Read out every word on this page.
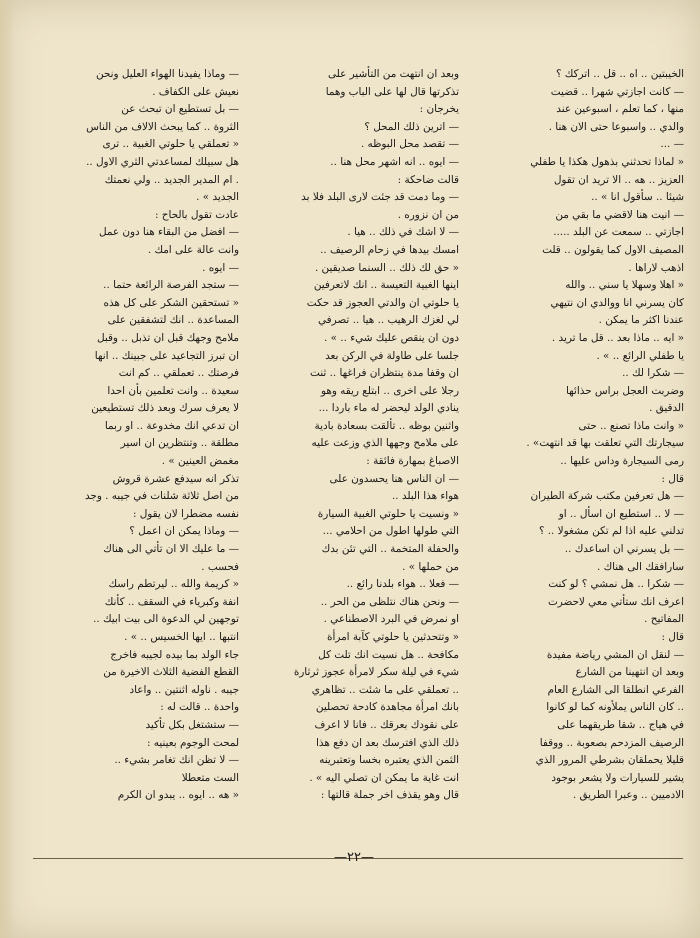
الخيبتين .. اه .. قل .. اتركك ؟

— كانت اجازتي شهرا .. قضيت

منها ، كما تعلم ، اسبوعين عند

والدي .. واسبوعا حتى الان هنا .

— ...

« لماذا تحدثني بذهول هكذا يا طفلي

العزيز .. هه .. الا تريد ان تقول

شيئا .. سأقول انا » ..

— انيت هنا لاقضي ما بقي من

اجازتي .. سمعت عن البلد .....

المصيف الاول كما يقولون .. قلت

اذهب لاراها .

« اهلا وسهلا يا سني .. والله

كان يسرني انا ووالدي ان نتيهي

عندنا اكثر ما يمكن .

« ايه .. ماذا بعد .. قل ما تريد .

يا طفلي الرائع .. » .

— شكرا لك ..

وضربت العجل براس حذائها

الدقيق .

« وانت ماذا تصنع .. حتى

سيجارتك التي تعلقت بها قد انتهت» .

رمى السيجارة وداس عليها ..

قال :

— هل تعرفين مكتب شركة الطيران

— لا .. استطيع ان اسأل .. او

تدلني عليه اذا لم تكن مشغولا .. ؟

— بل يسرني ان اساعدك ..

سارافقك الى هناك .

— شكرا .. هل نمشي ؟ لو كنت

اعرف انك ستأتي معي لاحضرت

المفاتيح .

قال :

— لنقل ان المشي رياضة مفيدة

وبعد ان انتهينا من الشارع

الفرعي انطلقا الى الشارع العام

.. كان الناس يملأونه كما لو كانوا

في هياج .. شقا طريقهما على

الرصيف المزدحم بصعوبة .. ووقفا

قليلا يحملقان بشرطي المرور الذي

يشير للسيارات ولا يشعر بوجود

الادميين .. وعبرا الطريق .

وبعد ان انتهت من التأشير على

تذكرتها قال لها على الباب وهما

يخرجان :

— اترين ذلك المحل ؟

— تقصد محل البوظه .

— ايوه .. انه اشهر محل هنا ..

قالت ضاحكة :

— وما دمت قد جئت لارى البلد فلا بد

من ان نزوره .

— لا اشك في ذلك .. هيا .

امسك بيدها في زحام الرصيف ..

« حق لك ذلك .. السنما صديقين .

اينها الغبية التعيسة .. انك لاتعرفين

يا حلوتي ان والدتي العجوز قد حكت

لي لغزك الرهيب .. هيا .. تصرفي

دون ان ينقص عليك شيء .. » .

جلسا على طاولة في الركن بعد

ان وقفا مدة ينتظران فراغها .. ثنت

رجلا على اخرى .. ابتلع ريقه وهو

ينادي الولد ليحضر له ماء باردا ...

واثنين بوظه .. تألقت بسعادة بادية

على ملامح وجهها الذي وزعت عليه

الاصباغ بمهارة فائقة :

— ان الناس هنا يحسدون على

هواء هذا البلد ..

« ونسيت يا حلوتي الغبية السيارة

التي طولها اطول من احلامي ...

والحفلة المتخمة .. التي تئن بدك

من حملها » .

— فعلا .. هواء بلدنا رائع ..

— ونحن هناك نتلظى من الحر ..

او نمرض في البرد الاصطناعي .

« وتتحدثين يا حلوتي كآبة امرأة

مكافحة .. هل نسيت انك تلت كل

شيء في ليلة سكر لامرأة عجوز ثرثارة

.. تعملقي على ما شئت .. تظاهري

بانك امرأة مجاهدة كادحة تحصلين

على نقودك بعرقك .. فانا لا اعرف

ذلك الذي افترسك بعد ان دفع هذا

الثمن الذي يعتبره بخسا وتعتبرينه

انت غاية ما يمكن ان تصلي اليه » .

قال وهو يقذف اخر جملة قالتها :

— وماذا يفيدنا الهواء العليل ونحن

نعيش على الكفاف .

— بل تستطيع ان تبحث عن

الثروة .. كما يبحث الالاف من الناس

« تعملقي يا حلوتي الغبية .. ترى

هل سبيلك لمساعدتي الثري الاول ..

. ام المدير الجديد .. ولي نعمتك

الجديد » .

عادت تقول بالحاح :

— افضل من البقاء هنا دون عمل

وانت عالة على امك .

— ايوه .

— ستجد الفرصة الرائعة حتما ..

« تستحقين الشكر على كل هذه

المساعدة .. انك لتشفقين على

ملامح وجهك قبل ان تذبل .. وقبل

ان تبرز التجاعيد على جبينك .. انها

فرصتك .. تعملقي .. كم انت

سعيدة .. وانت تعلمين بأن احدا

لا يعرف سرك وبعد ذلك تستطيعين

ان تدعي انك مخدوعة .. او ربما

مطلقة .. وتنتظرين ان اسير

مغمض العينين » .

تذكر انه سيدفع عشرة قروش

من اصل ثلاثة شلنات في جيبه . وجد

نفسه مضطرا لان يقول :

— وماذا يمكن ان اعمل ؟

— ما عليك الا ان تأتي الى هناك

فحسب .

« كريمة والله .. ليرتطم راسك

انفة وكبرياء في السقف .. كأنك

توجهين لي الدعوة الى بيت ابيك ..

انتبها .. ايها الخسيس .. » .

جاء الولد بما بيده لجيبه فاخرج

القطع الفضية الثلاث الاخيرة من

جيبه . ناوله اثنتين .. واعاد

واحدة .. قالت له :

— ستشتغل بكل تأكيد

لمحت الوجوم بعينيه :

— لا تظن انك تغامر بشيء ..

الست متعطلا

« هه .. ايوه .. يبدو ان الكرم

—٢٢—
